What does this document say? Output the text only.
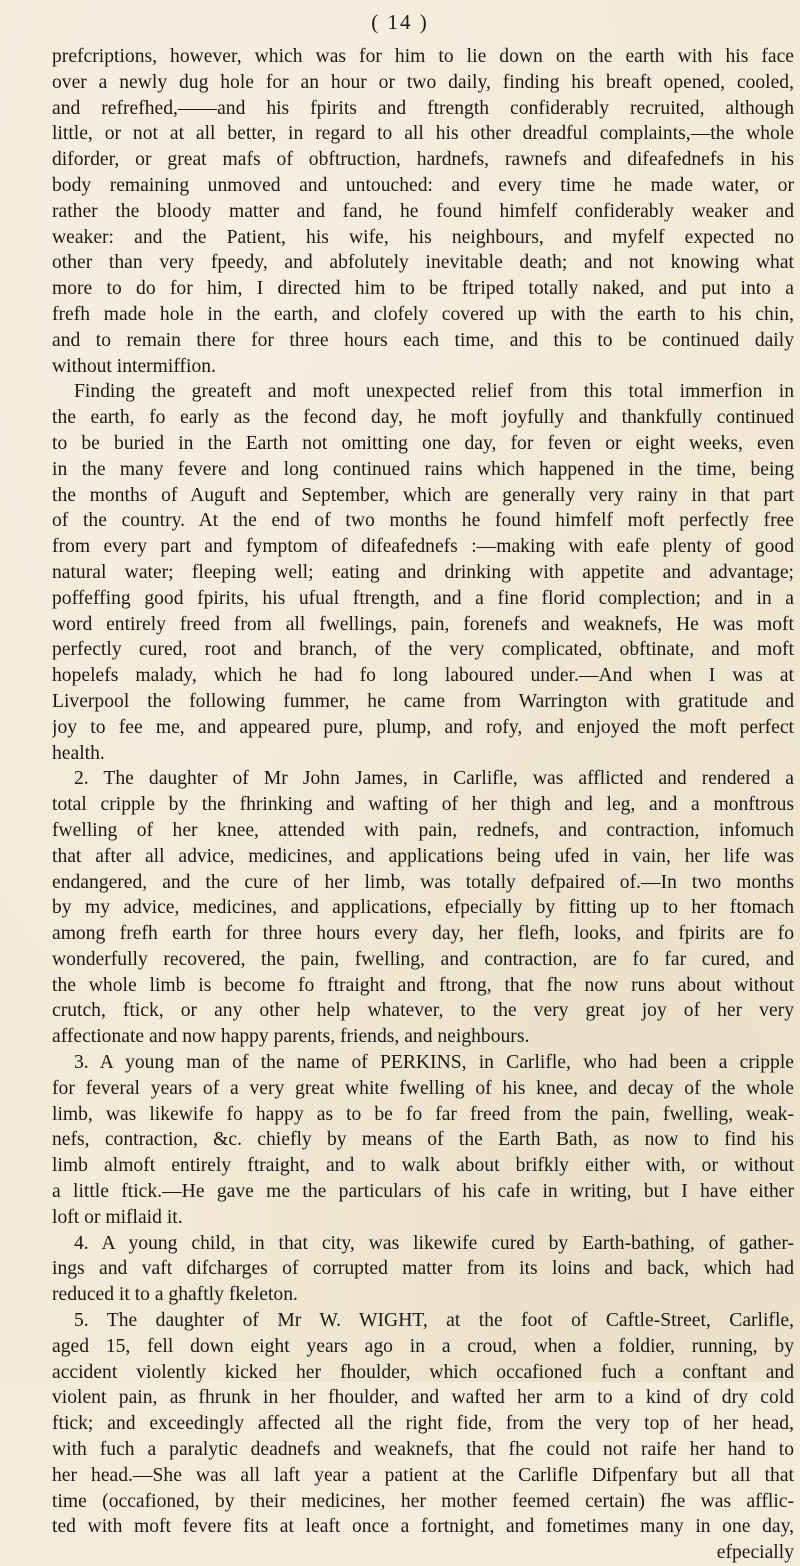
( 14 )
prefcriptions, however, which was for him to lie down on the earth with his face
over a newly dug hole for an hour or two daily, finding his breaft opened, cooled,
and refrefhed,——and his fpirits and ftrength confiderably recruited, although
little, or not at all better, in regard to all his other dreadful complaints,—the whole
diforder, or great mafs of obftruction, hardnefs, rawnefs and difeafednefs in his
body remaining unmoved and untouched: and every time he made water, or
rather the bloody matter and fand, he found himfelf confiderably weaker and
weaker: and the Patient, his wife, his neighbours, and myfelf expected no
other than very fpeedy, and abfolutely inevitable death; and not knowing what
more to do for him, I directed him to be ftriped totally naked, and put into a
frefh made hole in the earth, and clofely covered up with the earth to his chin,
and to remain there for three hours each time, and this to be continued daily
without intermiffion.
Finding the greateft and moft unexpected relief from this total immerfion in
the earth, fo early as the fecond day, he moft joyfully and thankfully continued
to be buried in the Earth not omitting one day, for feven or eight weeks, even
in the many fevere and long continued rains which happened in the time, being
the months of Auguft and September, which are generally very rainy in that part
of the country. At the end of two months he found himfelf moft perfectly free
from every part and fymptom of difeafednefs :—making with eafe plenty of good
natural water; fleeping well; eating and drinking with appetite and advantage;
poffeffing good fpirits, his ufual ftrength, and a fine florid complection; and in a
word entirely freed from all fwellings, pain, forenefs and weaknefs, He was moft
perfectly cured, root and branch, of the very complicated, obftinate, and moft
hopelefs malady, which he had fo long laboured under.—And when I was at
Liverpool the following fummer, he came from Warrington with gratitude and
joy to fee me, and appeared pure, plump, and rofy, and enjoyed the moft perfect
health.
2. The daughter of Mr John James, in Carlifle, was afflicted and rendered a
total cripple by the fhrinking and wafting of her thigh and leg, and a monftrous
fwelling of her knee, attended with pain, rednefs, and contraction, infomuch
that after all advice, medicines, and applications being ufed in vain, her life was
endangered, and the cure of her limb, was totally defpaired of.—In two months
by my advice, medicines, and applications, efpecially by fitting up to her ftomach
among frefh earth for three hours every day, her flefh, looks, and fpirits are fo
wonderfully recovered, the pain, fwelling, and contraction, are fo far cured, and
the whole limb is become fo ftraight and ftrong, that fhe now runs about without
crutch, ftick, or any other help whatever, to the very great joy of her very
affectionate and now happy parents, friends, and neighbours.
3. A young man of the name of PERKINS, in Carlifle, who had been a cripple
for feveral years of a very great white fwelling of his knee, and decay of the whole
limb, was likewife fo happy as to be fo far freed from the pain, fwelling, weak-
nefs, contraction, &c. chiefly by means of the Earth Bath, as now to find his
limb almoft entirely ftraight, and to walk about brifkly either with, or without
a little ftick.—He gave me the particulars of his cafe in writing, but I have either
loft or miflaid it.
4. A young child, in that city, was likewife cured by Earth-bathing, of gather-
ings and vaft difcharges of corrupted matter from its loins and back, which had
reduced it to a ghaftly fkeleton.
5. The daughter of Mr W. WIGHT, at the foot of Caftle-Street, Carlifle,
aged 15, fell down eight years ago in a croud, when a foldier, running, by
accident violently kicked her fhoulder, which occafioned fuch a conftant and
violent pain, as fhrunk in her fhoulder, and wafted her arm to a kind of dry cold
ftick; and exceedingly affected all the right fide, from the very top of her head,
with fuch a paralytic deadnefs and weaknefs, that fhe could not raife her hand to
her head.—She was all laft year a patient at the Carlifle Difpenfary but all that
time (occafioned, by their medicines, her mother feemed certain) fhe was afflic-
ted with moft fevere fits at leaft once a fortnight, and fometimes many in one day,
efpecially
